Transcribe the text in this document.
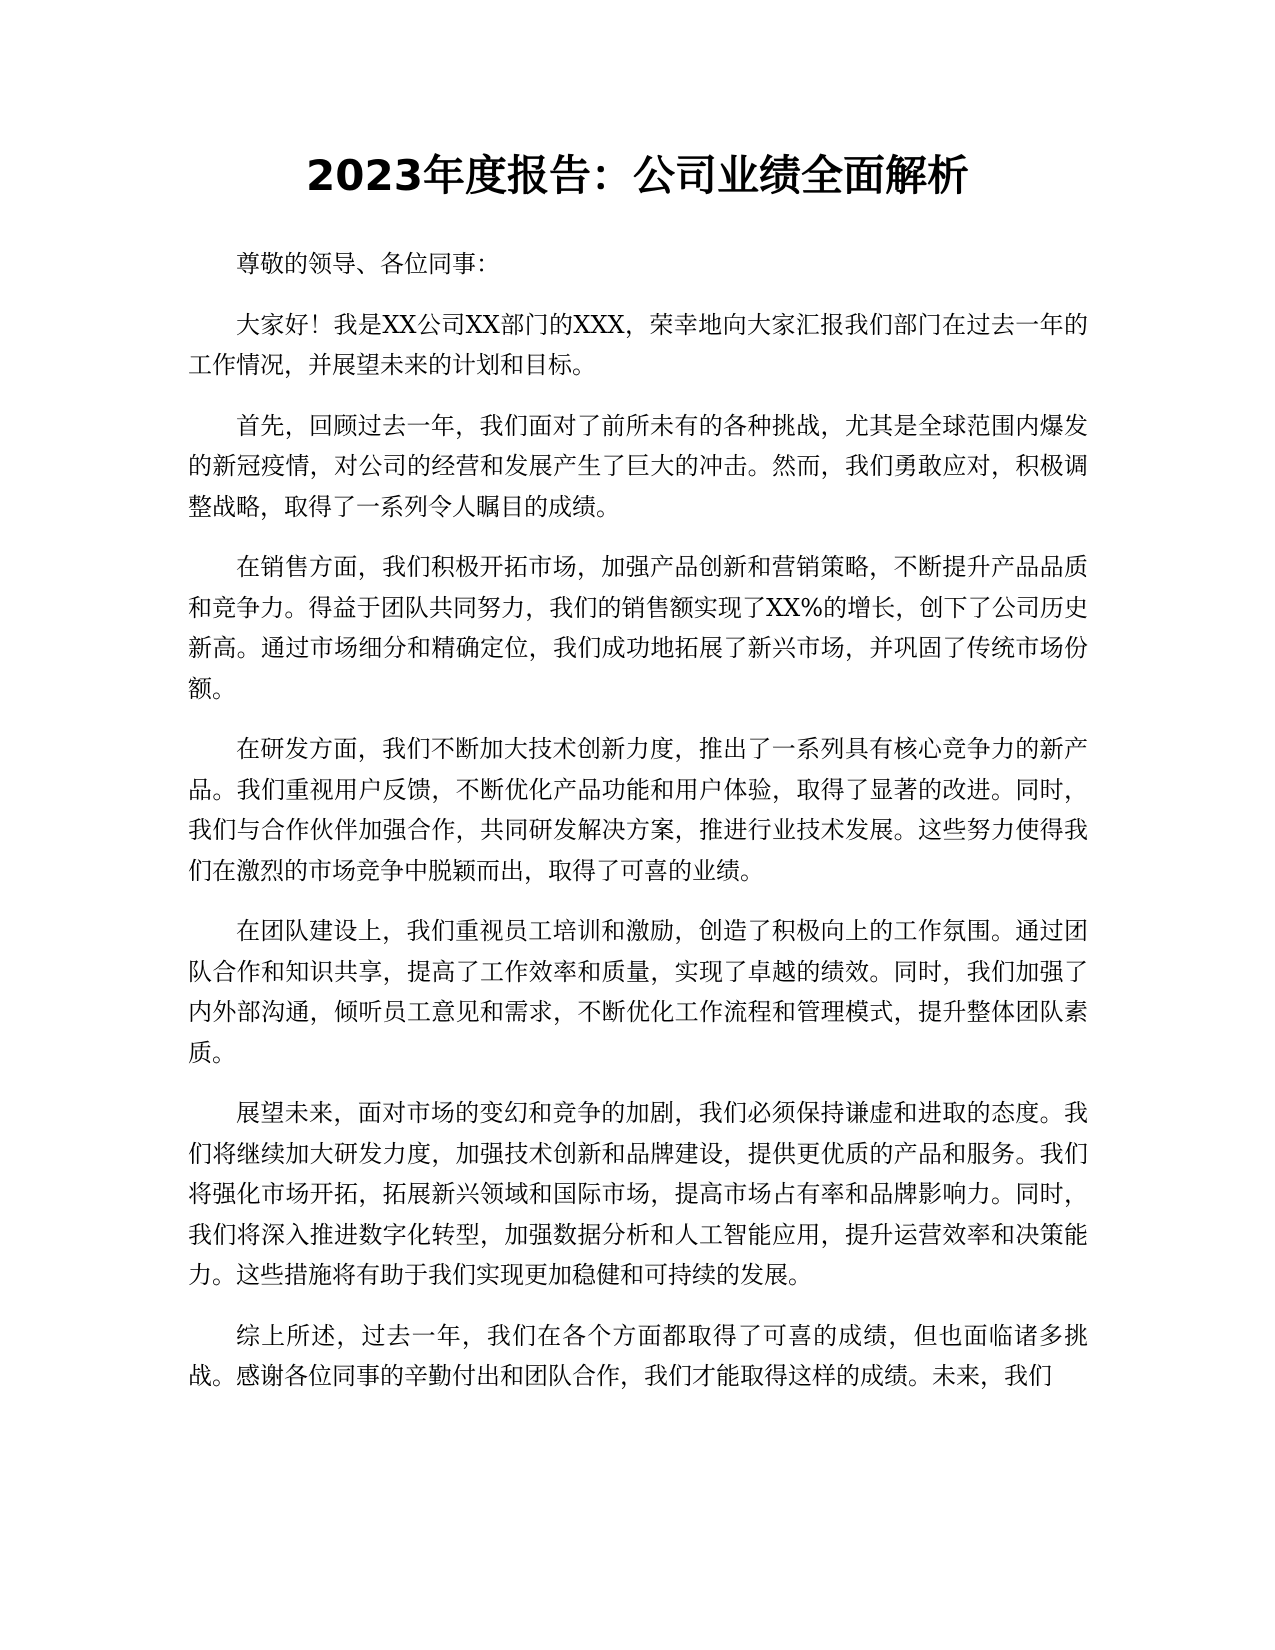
2023年度报告：公司业绩全面解析

尊敬的领导、各位同事：

大家好！我是XX公司XX部门的XXX，荣幸地向大家汇报我们部门在过去一年的工作情况，并展望未来的计划和目标。

首先，回顾过去一年，我们面对了前所未有的各种挑战，尤其是全球范围内爆发的新冠疫情，对公司的经营和发展产生了巨大的冲击。然而，我们勇敢应对，积极调整战略，取得了一系列令人瞩目的成绩。

在销售方面，我们积极开拓市场，加强产品创新和营销策略，不断提升产品品质和竞争力。得益于团队共同努力，我们的销售额实现了XX%的增长，创下了公司历史新高。通过市场细分和精确定位，我们成功地拓展了新兴市场，并巩固了传统市场份额。

在研发方面，我们不断加大技术创新力度，推出了一系列具有核心竞争力的新产品。我们重视用户反馈，不断优化产品功能和用户体验，取得了显著的改进。同时，我们与合作伙伴加强合作，共同研发解决方案，推进行业技术发展。这些努力使得我们在激烈的市场竞争中脱颖而出，取得了可喜的业绩。

在团队建设上，我们重视员工培训和激励，创造了积极向上的工作氛围。通过团队合作和知识共享，提高了工作效率和质量，实现了卓越的绩效。同时，我们加强了内外部沟通，倾听员工意见和需求，不断优化工作流程和管理模式，提升整体团队素质。

展望未来，面对市场的变幻和竞争的加剧，我们必须保持谦虚和进取的态度。我们将继续加大研发力度，加强技术创新和品牌建设，提供更优质的产品和服务。我们将强化市场开拓，拓展新兴领域和国际市场，提高市场占有率和品牌影响力。同时，我们将深入推进数字化转型，加强数据分析和人工智能应用，提升运营效率和决策能力。这些措施将有助于我们实现更加稳健和可持续的发展。

综上所述，过去一年，我们在各个方面都取得了可喜的成绩，但也面临诸多挑战。感谢各位同事的辛勤付出和团队合作，我们才能取得这样的成绩。未来，我们
